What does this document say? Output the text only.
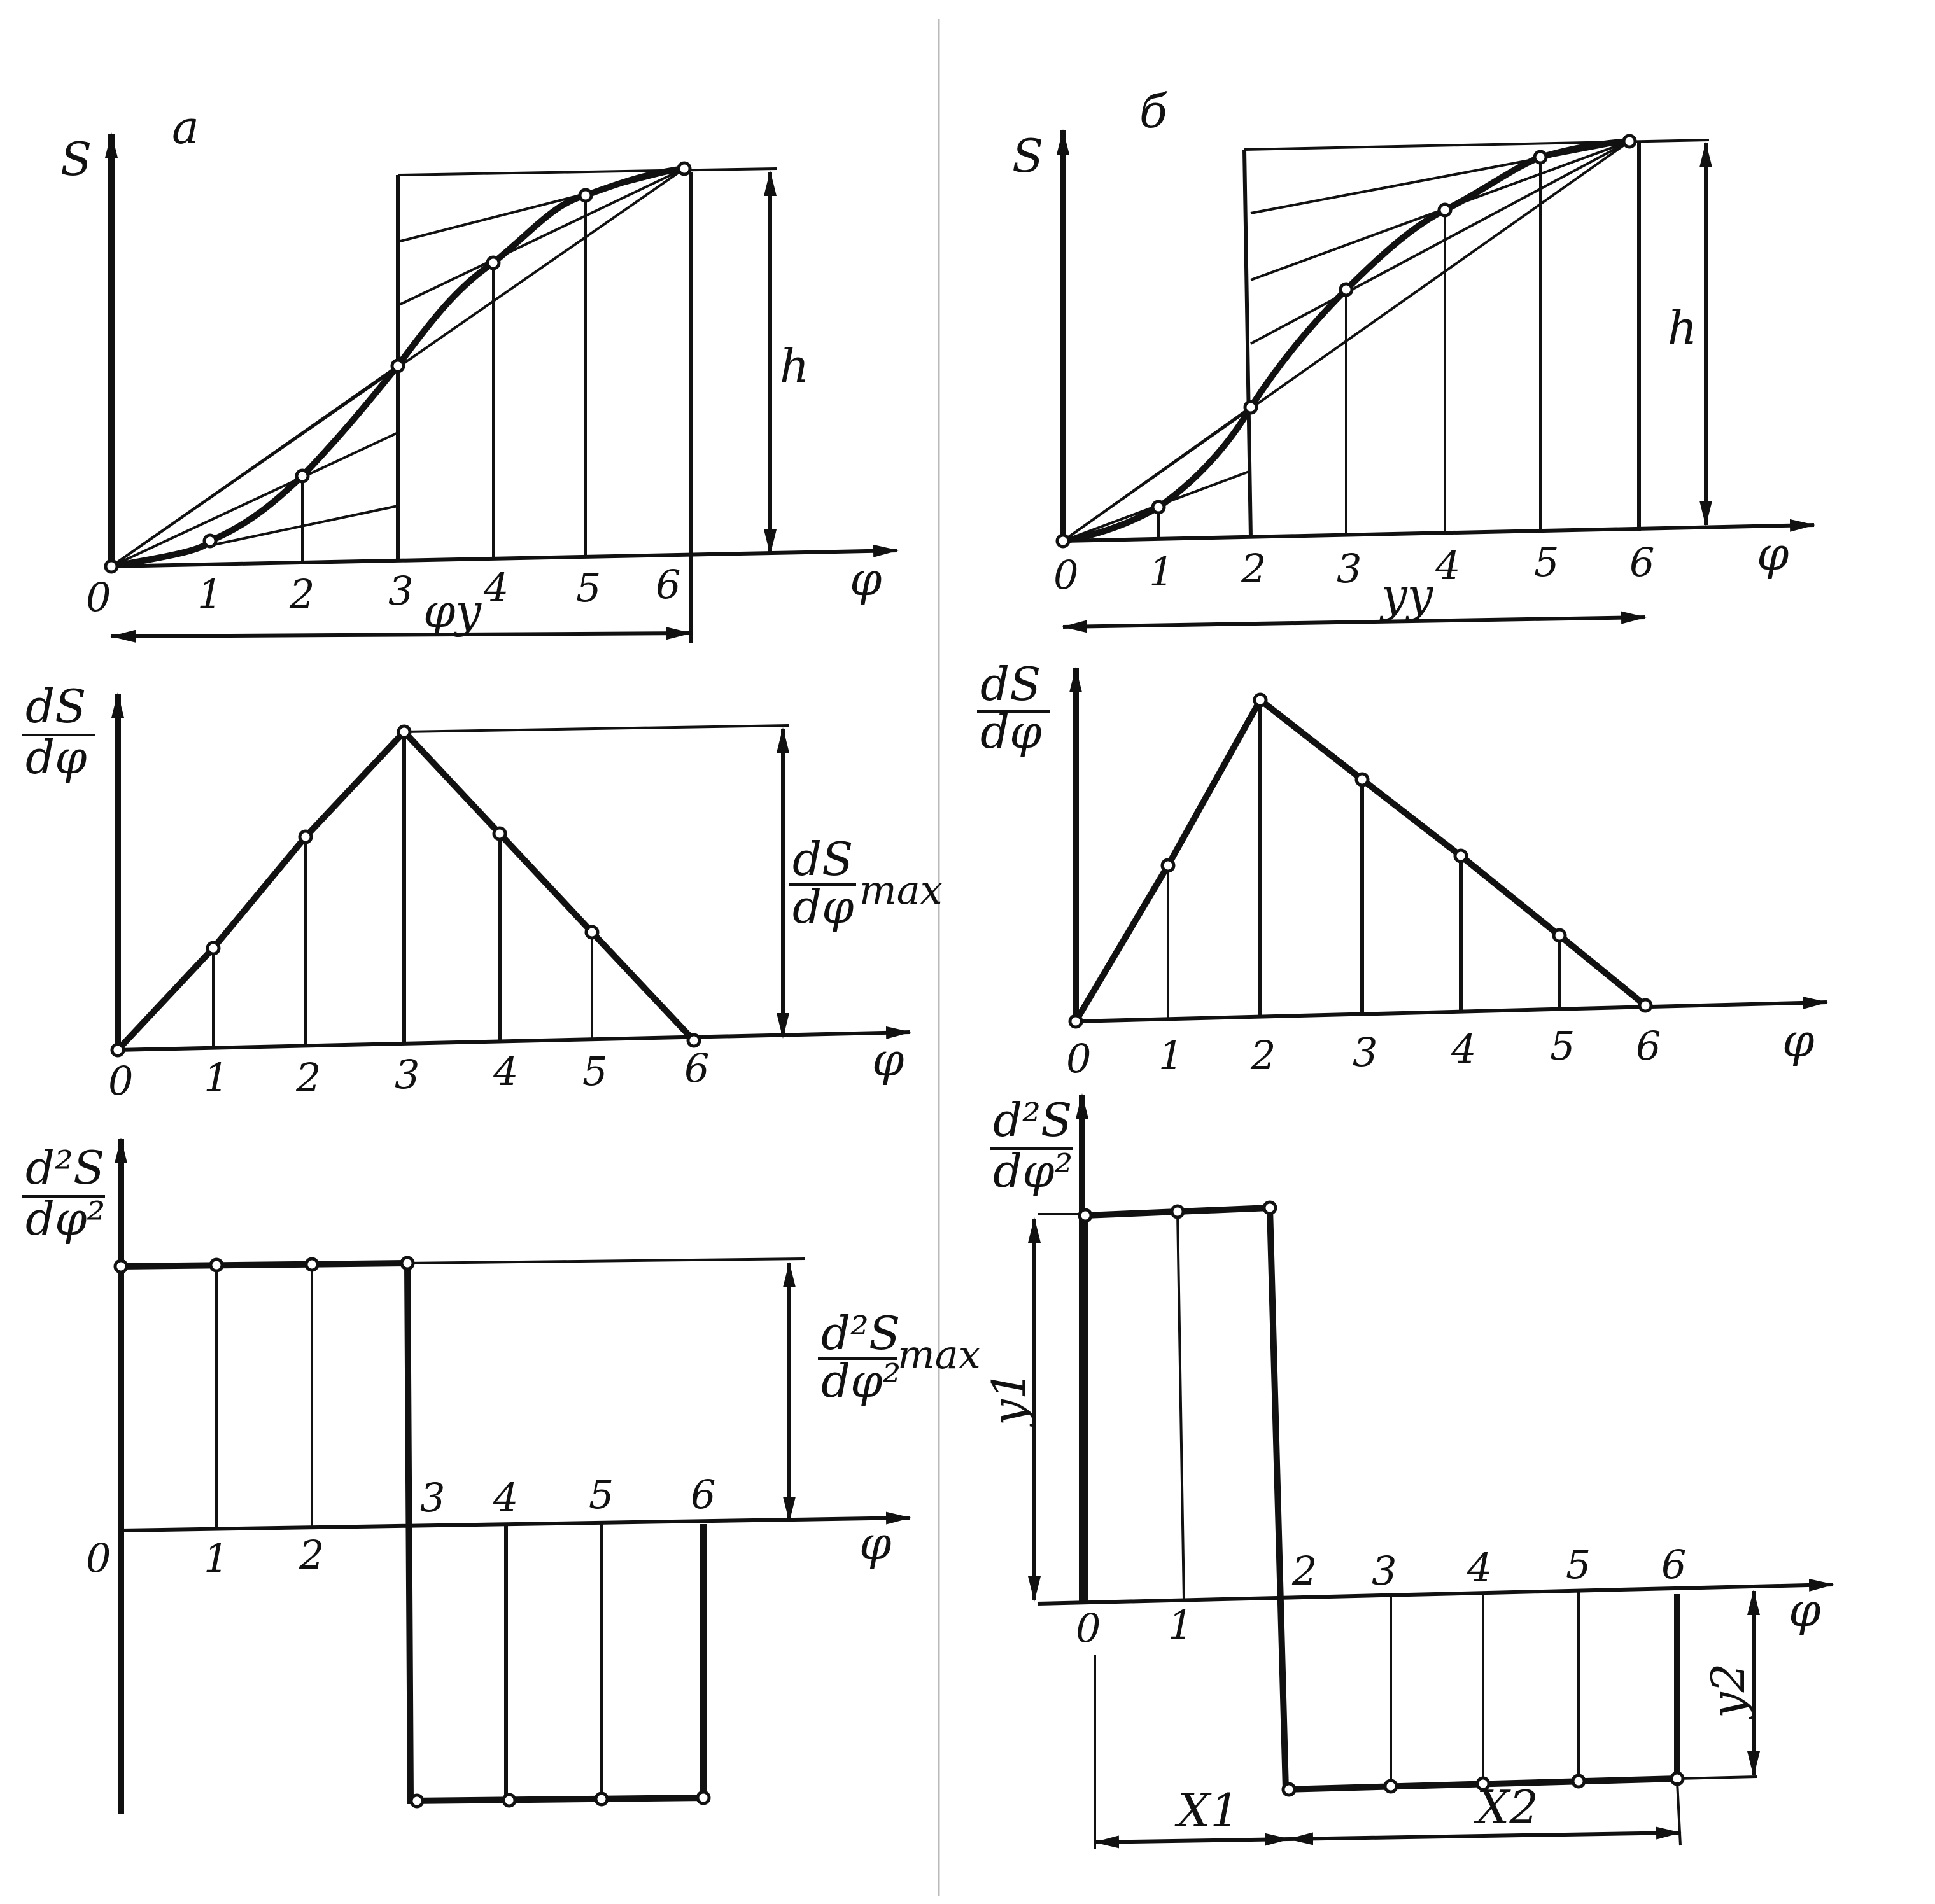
а
S
φ
0
h
1 2 3 4 5 6
φу
dS
dφ
φ
dS
dφ max
0 1 2 3 4 5 6
d²S
dφ²
φ
d²S
dφ²
max
0 1 2
3 4 5 6
б
S
φ
h
0 1 2 3 4 5 6
yу
dS
dφ
φ
0 1 2 3 4 5 6
d²S
dφ²
φ
y1
y2
X1	X2
0 1
2 3 4 5 6
